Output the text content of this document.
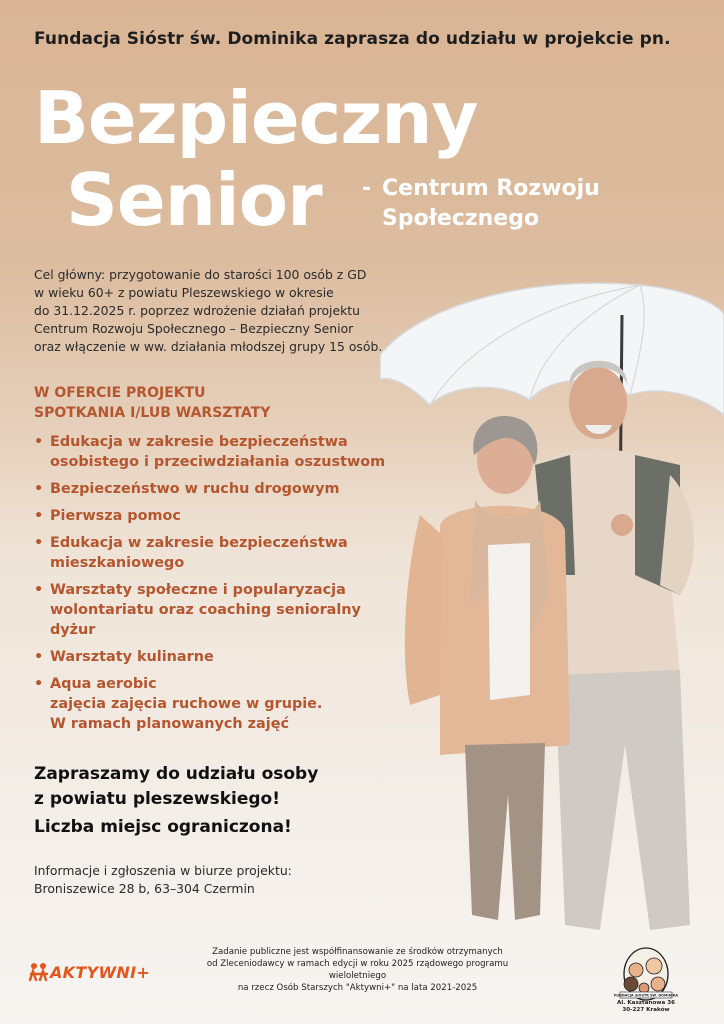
Fundacja Sióstr św. Dominika zaprasza do udziału w projekcie pn.
Bezpieczny
Senior - Centrum Rozwoju
Społecznego
Cel główny: przygotowanie do starości 100 osób z GD
w wieku 60+ z powiatu Pleszewskiego w okresie
do 31.12.2025 r. poprzez wdrożenie działań projektu
Centrum Rozwoju Społecznego – Bezpieczny Senior
oraz włączenie w ww. działania młodszej grupy 15 osób.
W OFERCIE PROJEKTU
SPOTKANIA I/LUB WARSZTATY
• Edukacja w zakresie bezpieczeństwa
osobistego i przeciwdziałania oszustwom
• Bezpieczeństwo w ruchu drogowym
• Pierwsza pomoc
• Edukacja w zakresie bezpieczeństwa
mieszkaniowego
• Warsztaty społeczne i popularyzacja
wolontariatu oraz coaching senioralny
dyżur
• Warsztaty kulinarne
• Aqua aerobic
zajęcia zajęcia ruchowe w grupie.
W ramach planowanych zajęć
Zapraszamy do udziału osoby
z powiatu pleszewskiego!
Liczba miejsc ograniczona!
Informacje i zgłoszenia w biurze projektu:
Broniszewice 28 b, 63–304 Czermin
AKTYWNI+
Zadanie publiczne jest współfinansowanie ze środków otrzymanych
od Zleceniodawcy w ramach edycji w roku 2025 rządowego programu wieloletniego
na rzecz Osób Starszych "Aktywni+" na lata 2021-2025
FUNDACJA SIÓSTR ŚW. DOMINIKA
Al. Kasztanowa 36
30-227 Kraków
